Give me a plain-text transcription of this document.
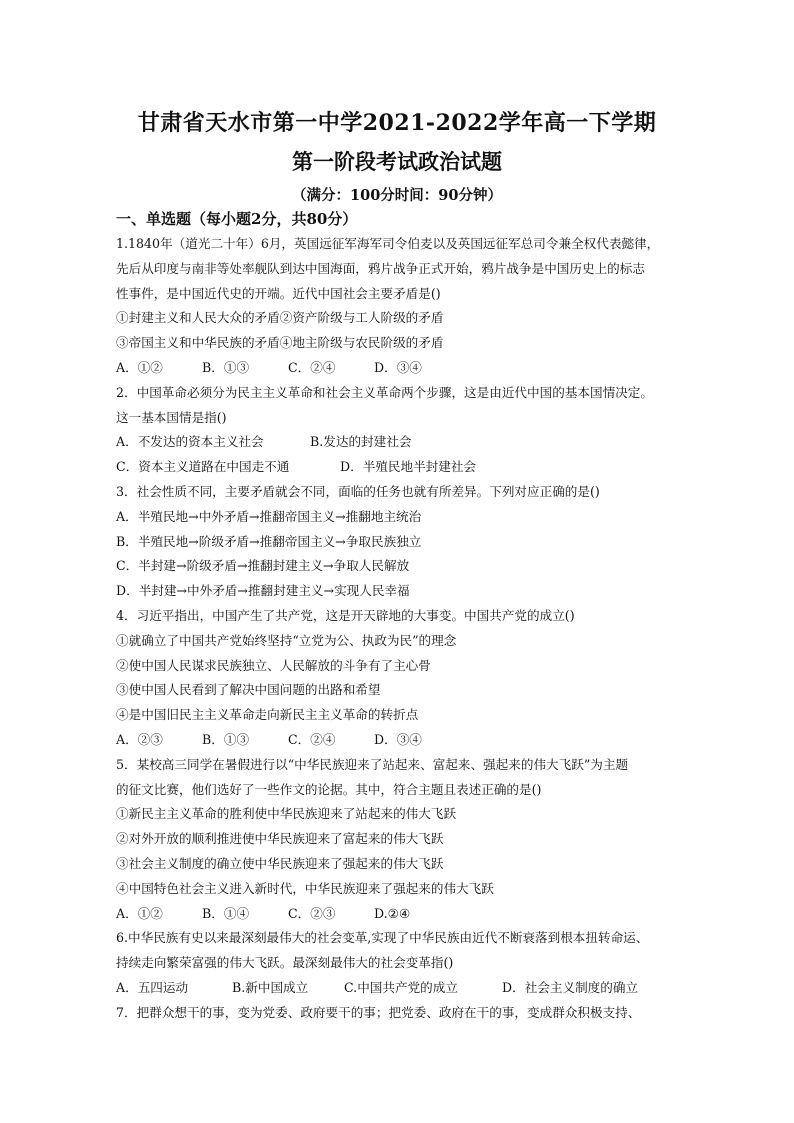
甘肃省天水市第一中学2021-2022学年高一下学期
第一阶段考试政治试题
（满分：100分时间：90分钟）
一、单选题（每小题2分，共80分）
1.1840年（道光二十年）6月，英国远征军海军司令伯麦以及英国远征军总司令兼全权代表懿律，
先后从印度与南非等处率舰队到达中国海面，鸦片战争正式开始，鸦片战争是中国历史上的标志
性事件，是中国近代史的开端。近代中国社会主要矛盾是()
①封建主义和人民大众的矛盾②资产阶级与工人阶级的矛盾
③帝国主义和中华民族的矛盾④地主阶级与农民阶级的矛盾
A．①②	B．①③	C．②④	D．③④
2．中国革命必须分为民主主义革命和社会主义革命两个步骤，这是由近代中国的基本国情决定。
这一基本国情是指()
A．不发达的资本主义社会	B.发达的封建社会
C．资本主义道路在中国走不通	D．半殖民地半封建社会
3．社会性质不同，主要矛盾就会不同，面临的任务也就有所差异。下列对应正确的是()
A．半殖民地→中外矛盾→推翻帝国主义→推翻地主统治
B．半殖民地→阶级矛盾→推翻帝国主义→争取民族独立
C．半封建→阶级矛盾→推翻封建主义→争取人民解放
D．半封建→中外矛盾→推翻封建主义→实现人民幸福
4．习近平指出，中国产生了共产党，这是开天辟地的大事变。中国共产党的成立()
①就确立了中国共产党始终坚持“立党为公、执政为民”的理念
②使中国人民谋求民族独立、人民解放的斗争有了主心骨
③使中国人民看到了解决中国问题的出路和希望
④是中国旧民主主义革命走向新民主主义革命的转折点
A．②③	B．①③	C．②④	D．③④
5．某校高三同学在暑假进行以“中华民族迎来了站起来、富起来、强起来的伟大飞跃”为主题
的征文比赛，他们选好了一些作文的论据。其中，符合主题且表述正确的是()
①新民主主义革命的胜利使中华民族迎来了站起来的伟大飞跃
②对外开放的顺利推进使中华民族迎来了富起来的伟大飞跃
③社会主义制度的确立使中华民族迎来了强起来的伟大飞跃
④中国特色社会主义进入新时代，中华民族迎来了强起来的伟大飞跃
A．①②	B．①④	C．②③	D.②④
6.中华民族有史以来最深刻最伟大的社会变革,实现了中华民族由近代不断衰落到根本扭转命运、
持续走向繁荣富强的伟大飞跃。最深刻最伟大的社会变革指()
A．五四运动	B.新中国成立	C.中国共产党的成立	D．社会主义制度的确立
7．把群众想干的事，变为党委、政府要干的事；把党委、政府在干的事，变成群众积极支持、
